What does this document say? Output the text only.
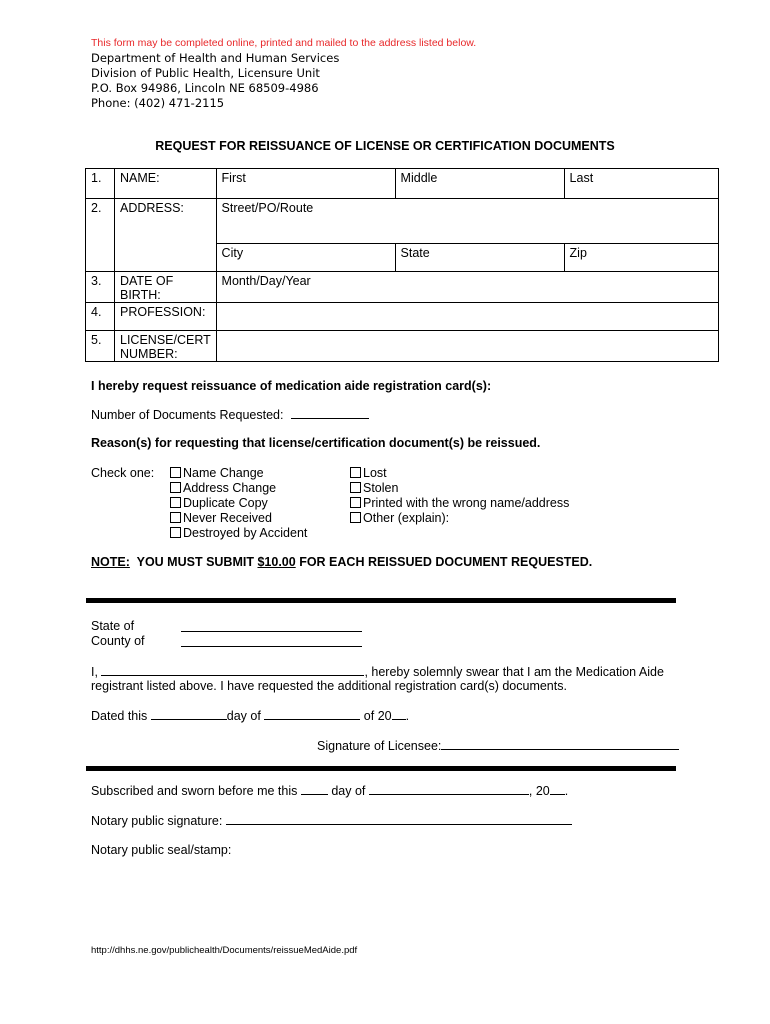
This form may be completed online, printed and mailed to the address listed below.
Department of Health and Human Services
Division of Public Health, Licensure Unit
P.O. Box 94986, Lincoln NE 68509-4986
Phone: (402) 471-2115
REQUEST FOR REISSUANCE OF LICENSE OR CERTIFICATION DOCUMENTS
1.	NAME:	First	Middle	Last
2.	ADDRESS:	Street/PO/Route		
		City	State	Zip
3.	DATE OF BIRTH:	Month/Day/Year		
4.	PROFESSION:			
5.	LICENSE/CERT NUMBER:			
I hereby request reissuance of medication aide registration card(s):
Number of Documents Requested:
Reason(s) for requesting that license/certification document(s) be reissued.
Check one:	Name Change
Address Change
Duplicate Copy
Never Received
Destroyed by Accident
Lost
Stolen
Printed with the wrong name/address
Other (explain):
NOTE: YOU MUST SUBMIT $10.00 FOR EACH REISSUED DOCUMENT REQUESTED.
State of
County of
I,	, hereby solemnly swear that I am the Medication Aide
registrant listed above. I have requested the additional registration card(s) documents.
Dated this	day of	of 20 .
Signature of Licensee:
Subscribed and sworn before me this	day of	, 20 .
Notary public signature:
Notary public seal/stamp:
http://dhhs.ne.gov/publichealth/Documents/reissueMedAide.pdf
